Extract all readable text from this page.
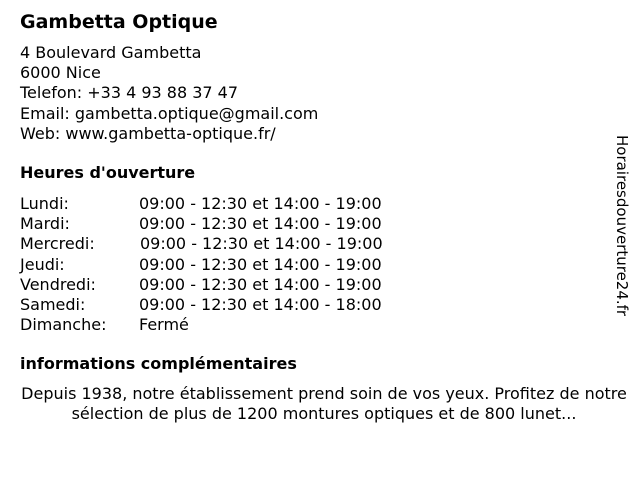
Gambetta Optique
4 Boulevard Gambetta
6000 Nice
Telefon: +33 4 93 88 37 47
Email: gambetta.optique@gmail.com
Web: www.gambetta-optique.fr/
Heures d'ouverture
Lundi:	09:00 - 12:30 et 14:00 - 19:00
Mardi:	09:00 - 12:30 et 14:00 - 19:00
Mercredi:	09:00 - 12:30 et 14:00 - 19:00
Jeudi:	09:00 - 12:30 et 14:00 - 19:00
Vendredi:	09:00 - 12:30 et 14:00 - 19:00
Samedi:	09:00 - 12:30 et 14:00 - 18:00
Dimanche: Fermé
informations complémentaires
Depuis 1938, notre établissement prend soin de vos yeux. Profitez de notre sélection de plus de 1200 montures optiques et de 800 lunet...
Horairesdouverture24.fr
